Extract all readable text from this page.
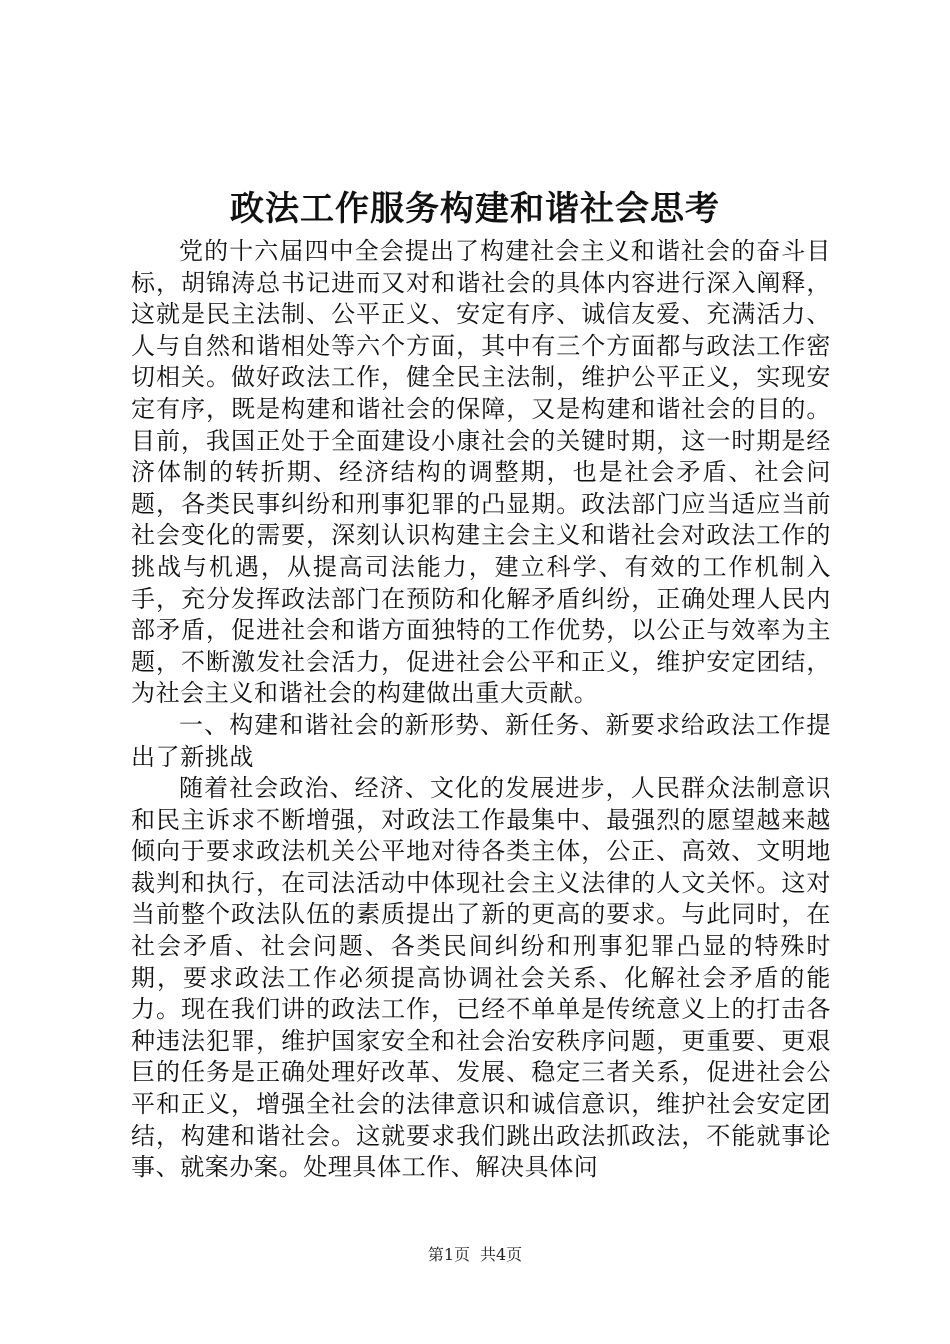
政法工作服务构建和谐社会思考

党的十六届四中全会提出了构建社会主义和谐社会的奋斗目标，胡锦涛总书记进而又对和谐社会的具体内容进行深入阐释，这就是民主法制、公平正义、安定有序、诚信友爱、充满活力、人与自然和谐相处等六个方面，其中有三个方面都与政法工作密切相关。做好政法工作，健全民主法制，维护公平正义，实现安定有序，既是构建和谐社会的保障，又是构建和谐社会的目的。目前，我国正处于全面建设小康社会的关键时期，这一时期是经济体制的转折期、经济结构的调整期，也是社会矛盾、社会问题，各类民事纠纷和刑事犯罪的凸显期。政法部门应当适应当前社会变化的需要，深刻认识构建主会主义和谐社会对政法工作的挑战与机遇，从提高司法能力，建立科学、有效的工作机制入手，充分发挥政法部门在预防和化解矛盾纠纷，正确处理人民内部矛盾，促进社会和谐方面独特的工作优势，以公正与效率为主题，不断激发社会活力，促进社会公平和正义，维护安定团结，为社会主义和谐社会的构建做出重大贡献。

一、构建和谐社会的新形势、新任务、新要求给政法工作提出了新挑战

随着社会政治、经济、文化的发展进步，人民群众法制意识和民主诉求不断增强，对政法工作最集中、最强烈的愿望越来越倾向于要求政法机关公平地对待各类主体，公正、高效、文明地裁判和执行，在司法活动中体现社会主义法律的人文关怀。这对当前整个政法队伍的素质提出了新的更高的要求。与此同时，在社会矛盾、社会问题、各类民间纠纷和刑事犯罪凸显的特殊时期，要求政法工作必须提高协调社会关系、化解社会矛盾的能力。现在我们讲的政法工作，已经不单单是传统意义上的打击各种违法犯罪，维护国家安全和社会治安秩序问题，更重要、更艰巨的任务是正确处理好改革、发展、稳定三者关系，促进社会公平和正义，增强全社会的法律意识和诚信意识，维护社会安定团结，构建和谐社会。这就要求我们跳出政法抓政法，不能就事论事、就案办案。处理具体工作、解决具体问

第1页 共4页
